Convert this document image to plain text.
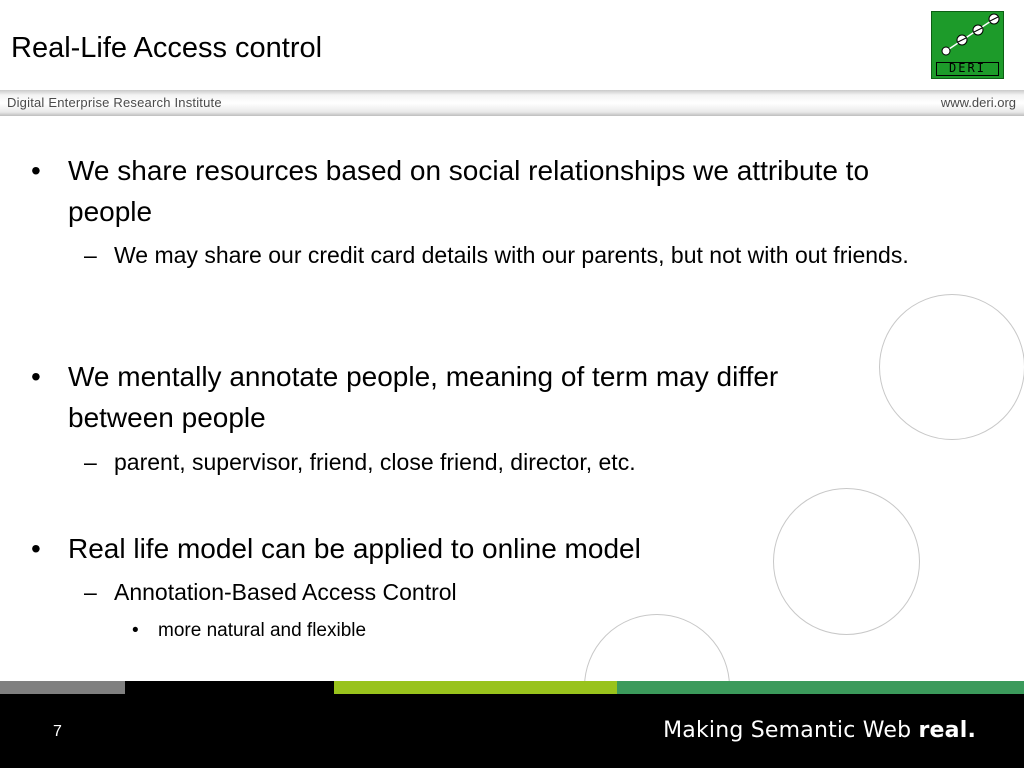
Real-Life Access control
DERI
Digital Enterprise Research Institute	www.deri.org
• We share resources based on social relationships we attribute to people
– We may share our credit card details with our parents, but not with out friends.
• We mentally annotate people, meaning of term may differ between people
– parent, supervisor, friend, close friend, director, etc.
• Real life model can be applied to online model
– Annotation-Based Access Control
• more natural and flexible
7	Making Semantic Web real.
